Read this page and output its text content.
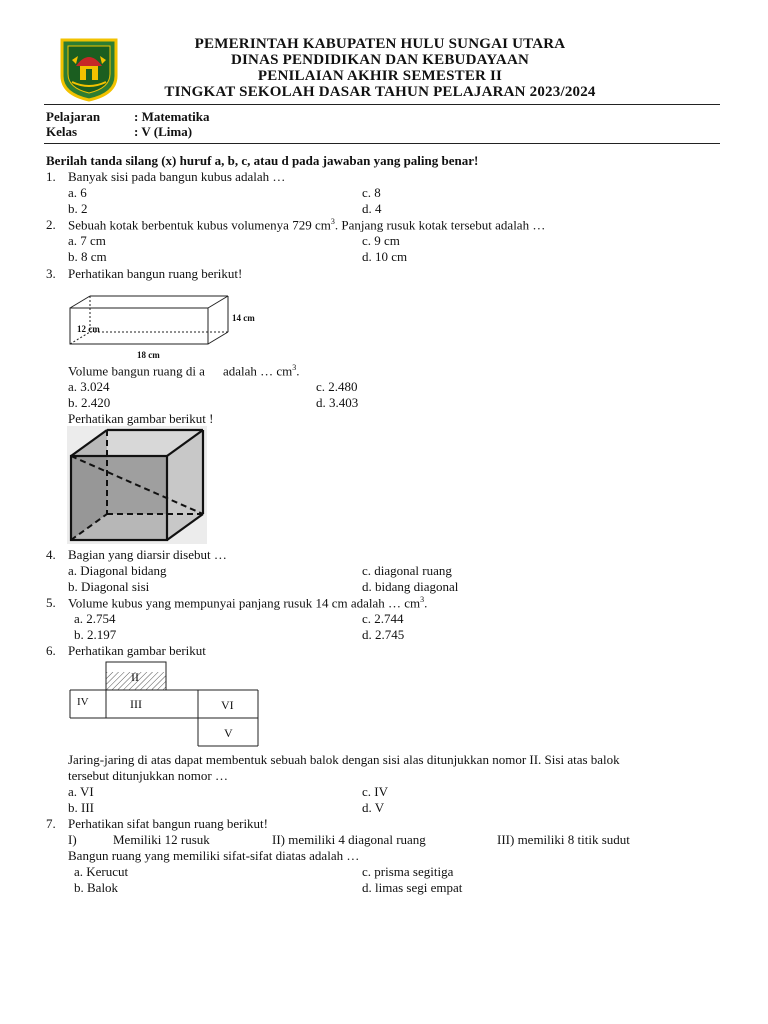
PEMERINTAH KABUPATEN HULU SUNGAI UTARA
DINAS PENDIDIKAN DAN KEBUDAYAAN
PENILAIAN AKHIR SEMESTER II
TINGKAT SEKOLAH DASAR TAHUN PELAJARAN 2023/2024
Pelajaran	: Matematika
Kelas	: V (Lima)
Berilah tanda silang (x) huruf a, b, c, atau d pada jawaban yang paling benar!
1. Banyak sisi pada bangun kubus adalah …
a. 6	c. 8
b. 2	d. 4
2. Sebuah kotak berbentuk kubus volumenya 729 $cm^3$. Panjang rusuk kotak tersebut adalah …
a. 7 cm	c. 9 cm
b. 8 cm	d. 10 cm
3. Perhatikan bangun ruang berikut!
12 cm
14 cm
18 cm
Volume bangun ruang di a adalah … $cm^3$.
a. 3.024	c. 2.480
b. 2.420	d. 3.403
Perhatikan gambar berikut !
4. Bagian yang diarsir disebut …
a. Diagonal bidang	c. diagonal ruang
b. Diagonal sisi	d. bidang diagonal
5. Volume kubus yang mempunyai panjang rusuk 14 cm adalah … $cm^3$.
a. 2.754	c. 2.744
b. 2.197	d. 2.745
6. Perhatikan gambar berikut
II
IV	III	VI
V
Jaring-jaring di atas dapat membentuk sebuah balok dengan sisi alas ditunjukkan nomor II. Sisi atas balok
tersebut ditunjukkan nomor …
a. VI	c. IV
b. III	d. V
7. Perhatikan sifat bangun ruang berikut!
I)	Memiliki 12 rusuk	II) memiliki 4 diagonal ruang	III) memiliki 8 titik sudut
Bangun ruang yang memiliki sifat-sifat diatas adalah …
a. Kerucut	c. prisma segitiga
b. Balok	d. limas segi empat
